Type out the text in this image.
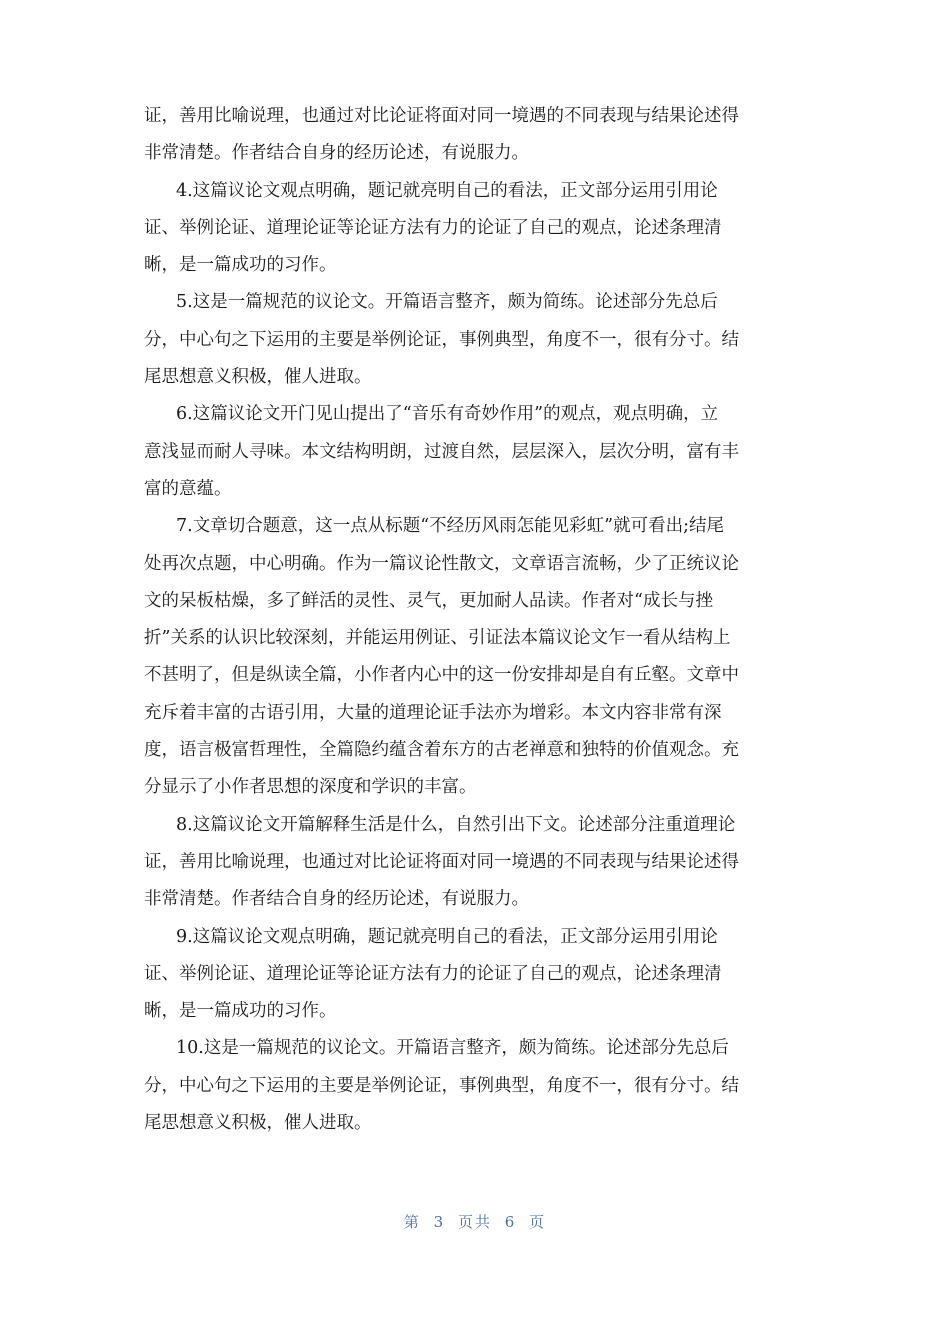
证，善用比喻说理，也通过对比论证将面对同一境遇的不同表现与结果论述得
非常清楚。作者结合自身的经历论述，有说服力。
4.这篇议论文观点明确，题记就亮明自己的看法，正文部分运用引用论
证、举例论证、道理论证等论证方法有力的论证了自己的观点，论述条理清
晰，是一篇成功的习作。
5.这是一篇规范的议论文。开篇语言整齐，颇为简练。论述部分先总后
分，中心句之下运用的主要是举例论证，事例典型，角度不一，很有分寸。结
尾思想意义积极，催人进取。
6.这篇议论文开门见山提出了“音乐有奇妙作用”的观点，观点明确，立
意浅显而耐人寻味。本文结构明朗，过渡自然，层层深入，层次分明，富有丰
富的意蕴。
7.文章切合题意，这一点从标题“不经历风雨怎能见彩虹”就可看出;结尾
处再次点题，中心明确。作为一篇议论性散文，文章语言流畅，少了正统议论
文的呆板枯燥，多了鲜活的灵性、灵气，更加耐人品读。作者对“成长与挫
折”关系的认识比较深刻，并能运用例证、引证法本篇议论文乍一看从结构上
不甚明了，但是纵读全篇，小作者内心中的这一份安排却是自有丘壑。文章中
充斥着丰富的古语引用，大量的道理论证手法亦为增彩。本文内容非常有深
度，语言极富哲理性，全篇隐约蕴含着东方的古老禅意和独特的价值观念。充
分显示了小作者思想的深度和学识的丰富。
8.这篇议论文开篇解释生活是什么，自然引出下文。论述部分注重道理论
证，善用比喻说理，也通过对比论证将面对同一境遇的不同表现与结果论述得
非常清楚。作者结合自身的经历论述，有说服力。
9.这篇议论文观点明确，题记就亮明自己的看法，正文部分运用引用论
证、举例论证、道理论证等论证方法有力的论证了自己的观点，论述条理清
晰，是一篇成功的习作。
10.这是一篇规范的议论文。开篇语言整齐，颇为简练。论述部分先总后
分，中心句之下运用的主要是举例论证，事例典型，角度不一，很有分寸。结
尾思想意义积极，催人进取。
第 3 页共 6 页
